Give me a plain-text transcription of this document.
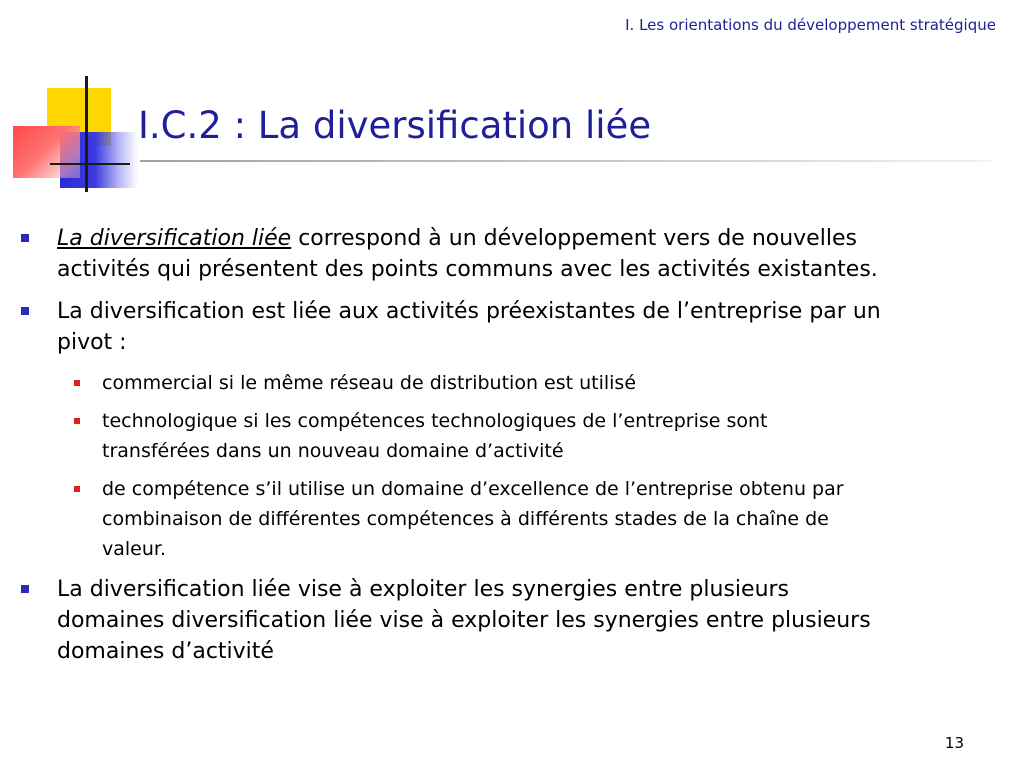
I. Les orientations du développement stratégique
I.C.2 : La diversification liée
La diversification liée correspond à un développement vers de nouvelles
activités qui présentent des points communs avec les activités existantes.
La diversification est liée aux activités préexistantes de l’entreprise par un
pivot :
commercial si le même réseau de distribution est utilisé
technologique si les compétences technologiques de l’entreprise sont
transférées dans un nouveau domaine d’activité
de compétence s’il utilise un domaine d’excellence de l’entreprise obtenu par
combinaison de différentes compétences à différents stades de la chaîne de
valeur.
La diversification liée vise à exploiter les synergies entre plusieurs
domaines diversification liée vise à exploiter les synergies entre plusieurs
domaines d’activité
13
